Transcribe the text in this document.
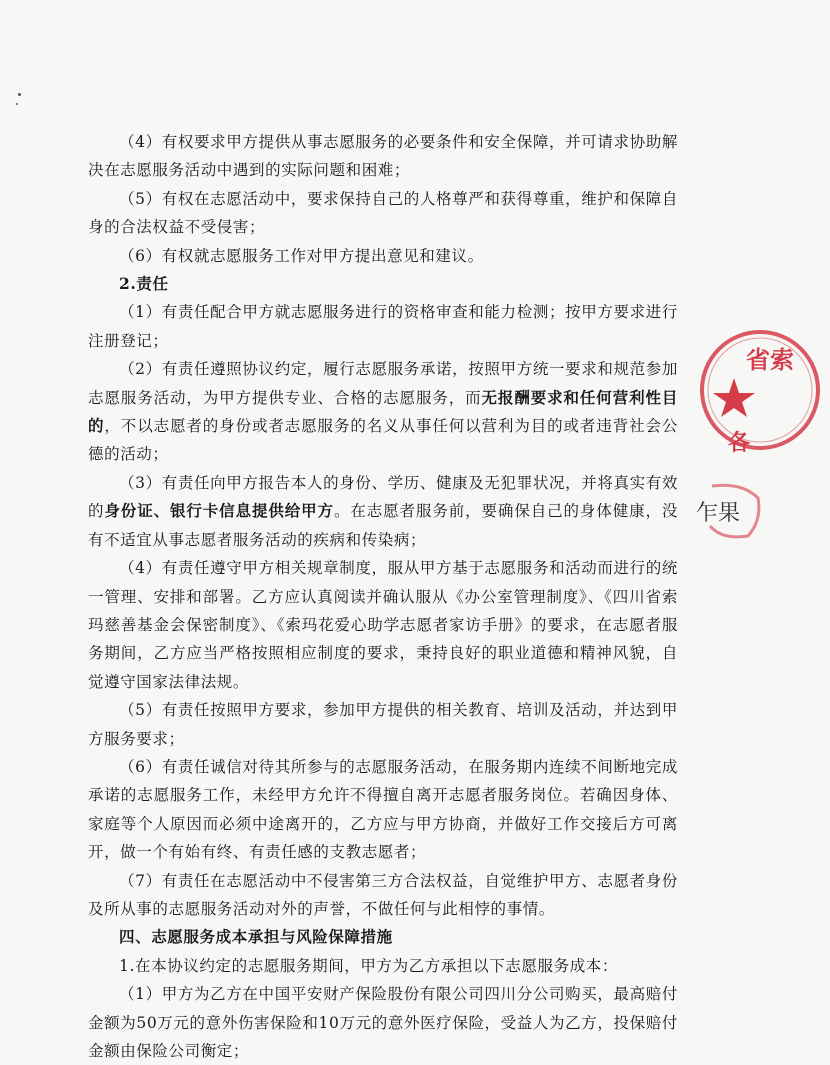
（4）有权要求甲方提供从事志愿服务的必要条件和安全保障，并可请求协助解决在志愿服务活动中遇到的实际问题和困难；

（5）有权在志愿活动中，要求保持自己的人格尊严和获得尊重，维护和保障自身的合法权益不受侵害；

（6）有权就志愿服务工作对甲方提出意见和建议。

2.责任

（1）有责任配合甲方就志愿服务进行的资格审查和能力检测；按甲方要求进行注册登记；

（2）有责任遵照协议约定，履行志愿服务承诺，按照甲方统一要求和规范参加志愿服务活动，为甲方提供专业、合格的志愿服务，而无报酬要求和任何营利性目的，不以志愿者的身份或者志愿服务的名义从事任何以营利为目的或者违背社会公德的活动；

（3）有责任向甲方报告本人的身份、学历、健康及无犯罪状况，并将真实有效的身份证、银行卡信息提供给甲方。在志愿者服务前，要确保自己的身体健康，没有不适宜从事志愿者服务活动的疾病和传染病；

（4）有责任遵守甲方相关规章制度，服从甲方基于志愿服务和活动而进行的统一管理、安排和部署。乙方应认真阅读并确认服从《办公室管理制度》、《四川省索玛慈善基金会保密制度》、《索玛花爱心助学志愿者家访手册》的要求，在志愿者服务期间，乙方应当严格按照相应制度的要求，秉持良好的职业道德和精神风貌，自觉遵守国家法律法规。

（5）有责任按照甲方要求，参加甲方提供的相关教育、培训及活动，并达到甲方服务要求；

（6）有责任诚信对待其所参与的志愿服务活动，在服务期内连续不间断地完成承诺的志愿服务工作，未经甲方允许不得擅自离开志愿者服务岗位。若确因身体、家庭等个人原因而必须中途离开的，乙方应与甲方协商，并做好工作交接后方可离开，做一个有始有终、有责任感的支教志愿者；

（7）有责任在志愿活动中不侵害第三方合法权益，自觉维护甲方、志愿者身份及所从事的志愿服务活动对外的声誉，不做任何与此相悖的事情。

四、志愿服务成本承担与风险保障措施

1.在本协议约定的志愿服务期间，甲方为乙方承担以下志愿服务成本：

（1）甲方为乙方在中国平安财产保险股份有限公司四川分公司购买，最高赔付金额为50万元的意外伤害保险和10万元的意外医疗保险，受益人为乙方，投保赔付金额由保险公司衡定；

省索
各
乍果
